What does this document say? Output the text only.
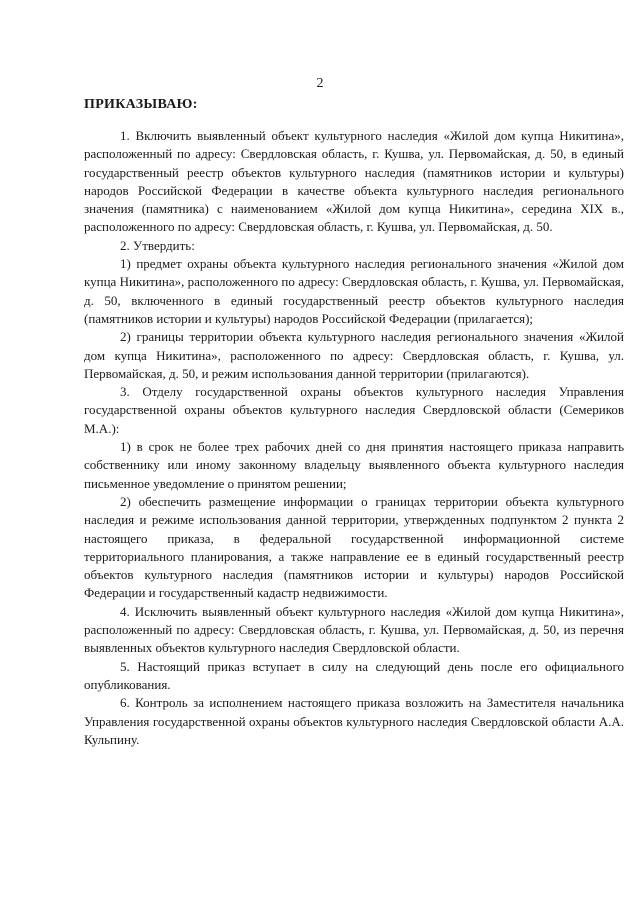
2
ПРИКАЗЫВАЮ:

1. Включить выявленный объект культурного наследия «Жилой дом купца Никитина», расположенный по адресу: Свердловская область, г. Кушва, ул. Первомайская, д. 50, в единый государственный реестр объектов культурного наследия (памятников истории и культуры) народов Российской Федерации в качестве объекта культурного наследия регионального значения (памятника) с наименованием «Жилой дом купца Никитина», середина XIX в., расположенного по адресу: Свердловская область, г. Кушва, ул. Первомайская, д. 50.

2. Утвердить:

1) предмет охраны объекта культурного наследия регионального значения «Жилой дом купца Никитина», расположенного по адресу: Свердловская область, г. Кушва, ул. Первомайская, д. 50, включенного в единый государственный реестр объектов культурного наследия (памятников истории и культуры) народов Российской Федерации (прилагается);

2) границы территории объекта культурного наследия регионального значения «Жилой дом купца Никитина», расположенного по адресу: Свердловская область, г. Кушва, ул. Первомайская, д. 50, и режим использования данной территории (прилагаются).

3. Отделу государственной охраны объектов культурного наследия Управления государственной охраны объектов культурного наследия Свердловской области (Семериков М.А.):

1) в срок не более трех рабочих дней со дня принятия настоящего приказа направить собственнику или иному законному владельцу выявленного объекта культурного наследия письменное уведомление о принятом решении;

2) обеспечить размещение информации о границах территории объекта культурного наследия и режиме использования данной территории, утвержденных подпунктом 2 пункта 2 настоящего приказа, в федеральной государственной информационной системе территориального планирования, а также направление ее в единый государственный реестр объектов культурного наследия (памятников истории и культуры) народов Российской Федерации и государственный кадастр недвижимости.

4. Исключить выявленный объект культурного наследия «Жилой дом купца Никитина», расположенный по адресу: Свердловская область, г. Кушва, ул. Первомайская, д. 50, из перечня выявленных объектов культурного наследия Свердловской области.

5. Настоящий приказ вступает в силу на следующий день после его официального опубликования.

6. Контроль за исполнением настоящего приказа возложить на Заместителя начальника Управления государственной охраны объектов культурного наследия Свердловской области А.А. Кульпину.
